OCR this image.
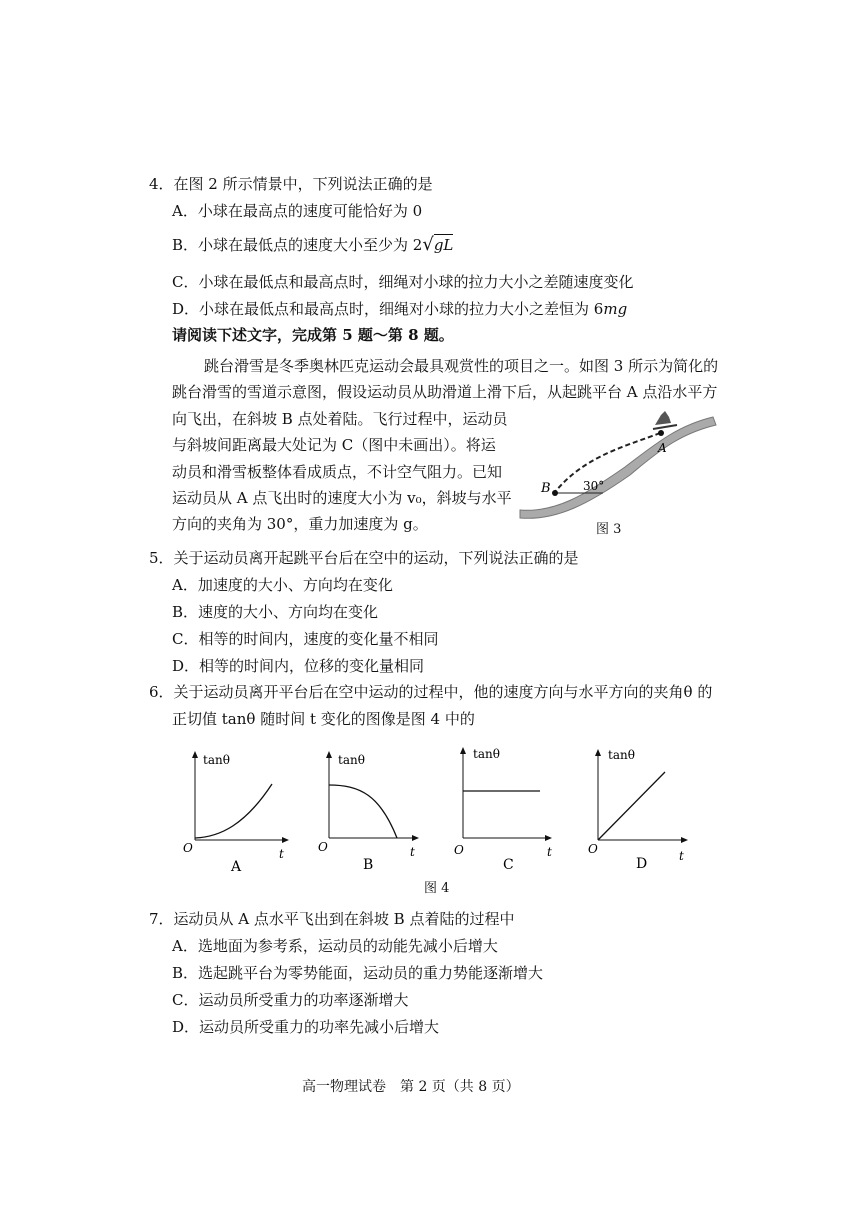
4．在图 2 所示情景中，下列说法正确的是
A．小球在最高点的速度可能恰好为 0
B．小球在最低点的速度大小至少为 2√gL
C．小球在最低点和最高点时，细绳对小球的拉力大小之差随速度变化
D．小球在最低点和最高点时，细绳对小球的拉力大小之差恒为 6mg
请阅读下述文字，完成第 5 题～第 8 题。
跳台滑雪是冬季奥林匹克运动会最具观赏性的项目之一。如图 3 所示为简化的
跳台滑雪的雪道示意图，假设运动员从助滑道上滑下后，从起跳平台 A 点沿水平方
向飞出，在斜坡 B 点处着陆。飞行过程中，运动员
与斜坡间距离最大处记为 C（图中未画出）。将运
动员和滑雪板整体看成质点，不计空气阻力。已知
运动员从 A 点飞出时的速度大小为 v₀，斜坡与水平
方向的夹角为 30°，重力加速度为 g。
B
A
30°
图 3
5．关于运动员离开起跳平台后在空中的运动，下列说法正确的是
A．加速度的大小、方向均在变化
B．速度的大小、方向均在变化
C．相等的时间内，速度的变化量不相同
D．相等的时间内，位移的变化量相同
6．关于运动员离开平台后在空中运动的过程中，他的速度方向与水平方向的夹角θ 的
正切值 tanθ 随时间 t 变化的图像是图 4 中的
tanθ
O	t
A
tanθ
O	t
B
tanθ
O	t
C
tanθ
O	t
D
图 4
7．运动员从 A 点水平飞出到在斜坡 B 点着陆的过程中
A．选地面为参考系，运动员的动能先减小后增大
B．选起跳平台为零势能面，运动员的重力势能逐渐增大
C．运动员所受重力的功率逐渐增大
D．运动员所受重力的功率先减小后增大
高一物理试卷　第 2 页（共 8 页）
